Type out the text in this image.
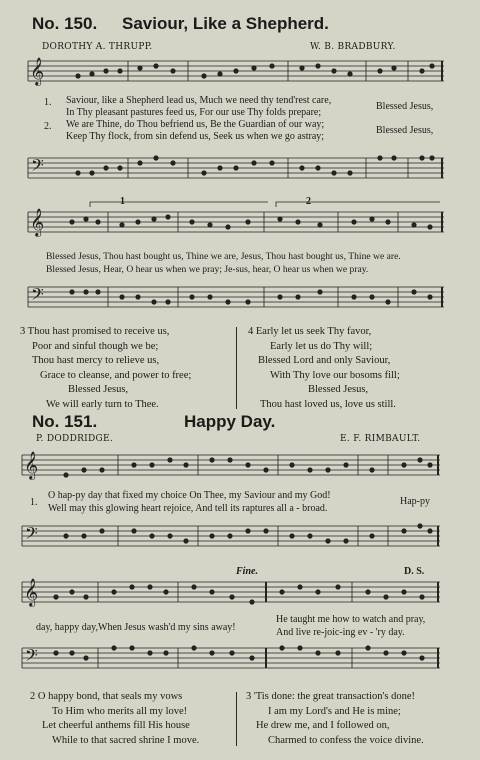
No. 150. Saviour, Like a Shepherd.
DOROTHY A. THRUPP.	W. B. BRADBURY.
𝄞
1.
2.
Saviour, like a Shepherd lead us, Much we need thy tend'rest care,
In Thy pleasant pastures feed us, For our use Thy folds prepare;
We are Thine, do Thou befriend us, Be the Guardian of our way;
Keep Thy flock, from sin defend us, Seek us when we go astray;
Blessed Jesus,
Blessed Jesus,
𝄢
1	2
𝄞
Blessed Jesus, Thou hast bought us, Thine we are, Jesus, Thou hast bought us, Thine we are.
Blessed Jesus, Hear, O hear us when we pray; Je-sus, hear, O hear us when we pray.
𝄢
3 Thou hast promised to receive us,
Poor and sinful though we be;
Thou hast mercy to relieve us,
Grace to cleanse, and power to free;
Blessed Jesus,
We will early turn to Thee.
4 Early let us seek Thy favor,
Early let us do Thy will;
Blessed Lord and only Saviour,
With Thy love our bosoms fill;
Blessed Jesus,
Thou hast loved us, love us still.
No. 151.	Happy Day.
P. DODDRIDGE.	E. F. RIMBAULT.
𝄞
1.
O hap-py day that fixed my choice On Thee, my Saviour and my God!
Well may this glowing heart rejoice, And tell its raptures all a - broad.
Hap-py
𝄢
Fine.	D. S.
𝄞
day, happy day,When Jesus wash'd my sins away!
He taught me how to watch and pray,
And live re-joic-ing ev - 'ry day.
𝄢
2 O happy bond, that seals my vows
To Him who merits all my love!
Let cheerful anthems fill His house
While to that sacred shrine I move.
3 'Tis done: the great transaction's done!
I am my Lord's and He is mine;
He drew me, and I followed on,
Charmed to confess the voice divine.
